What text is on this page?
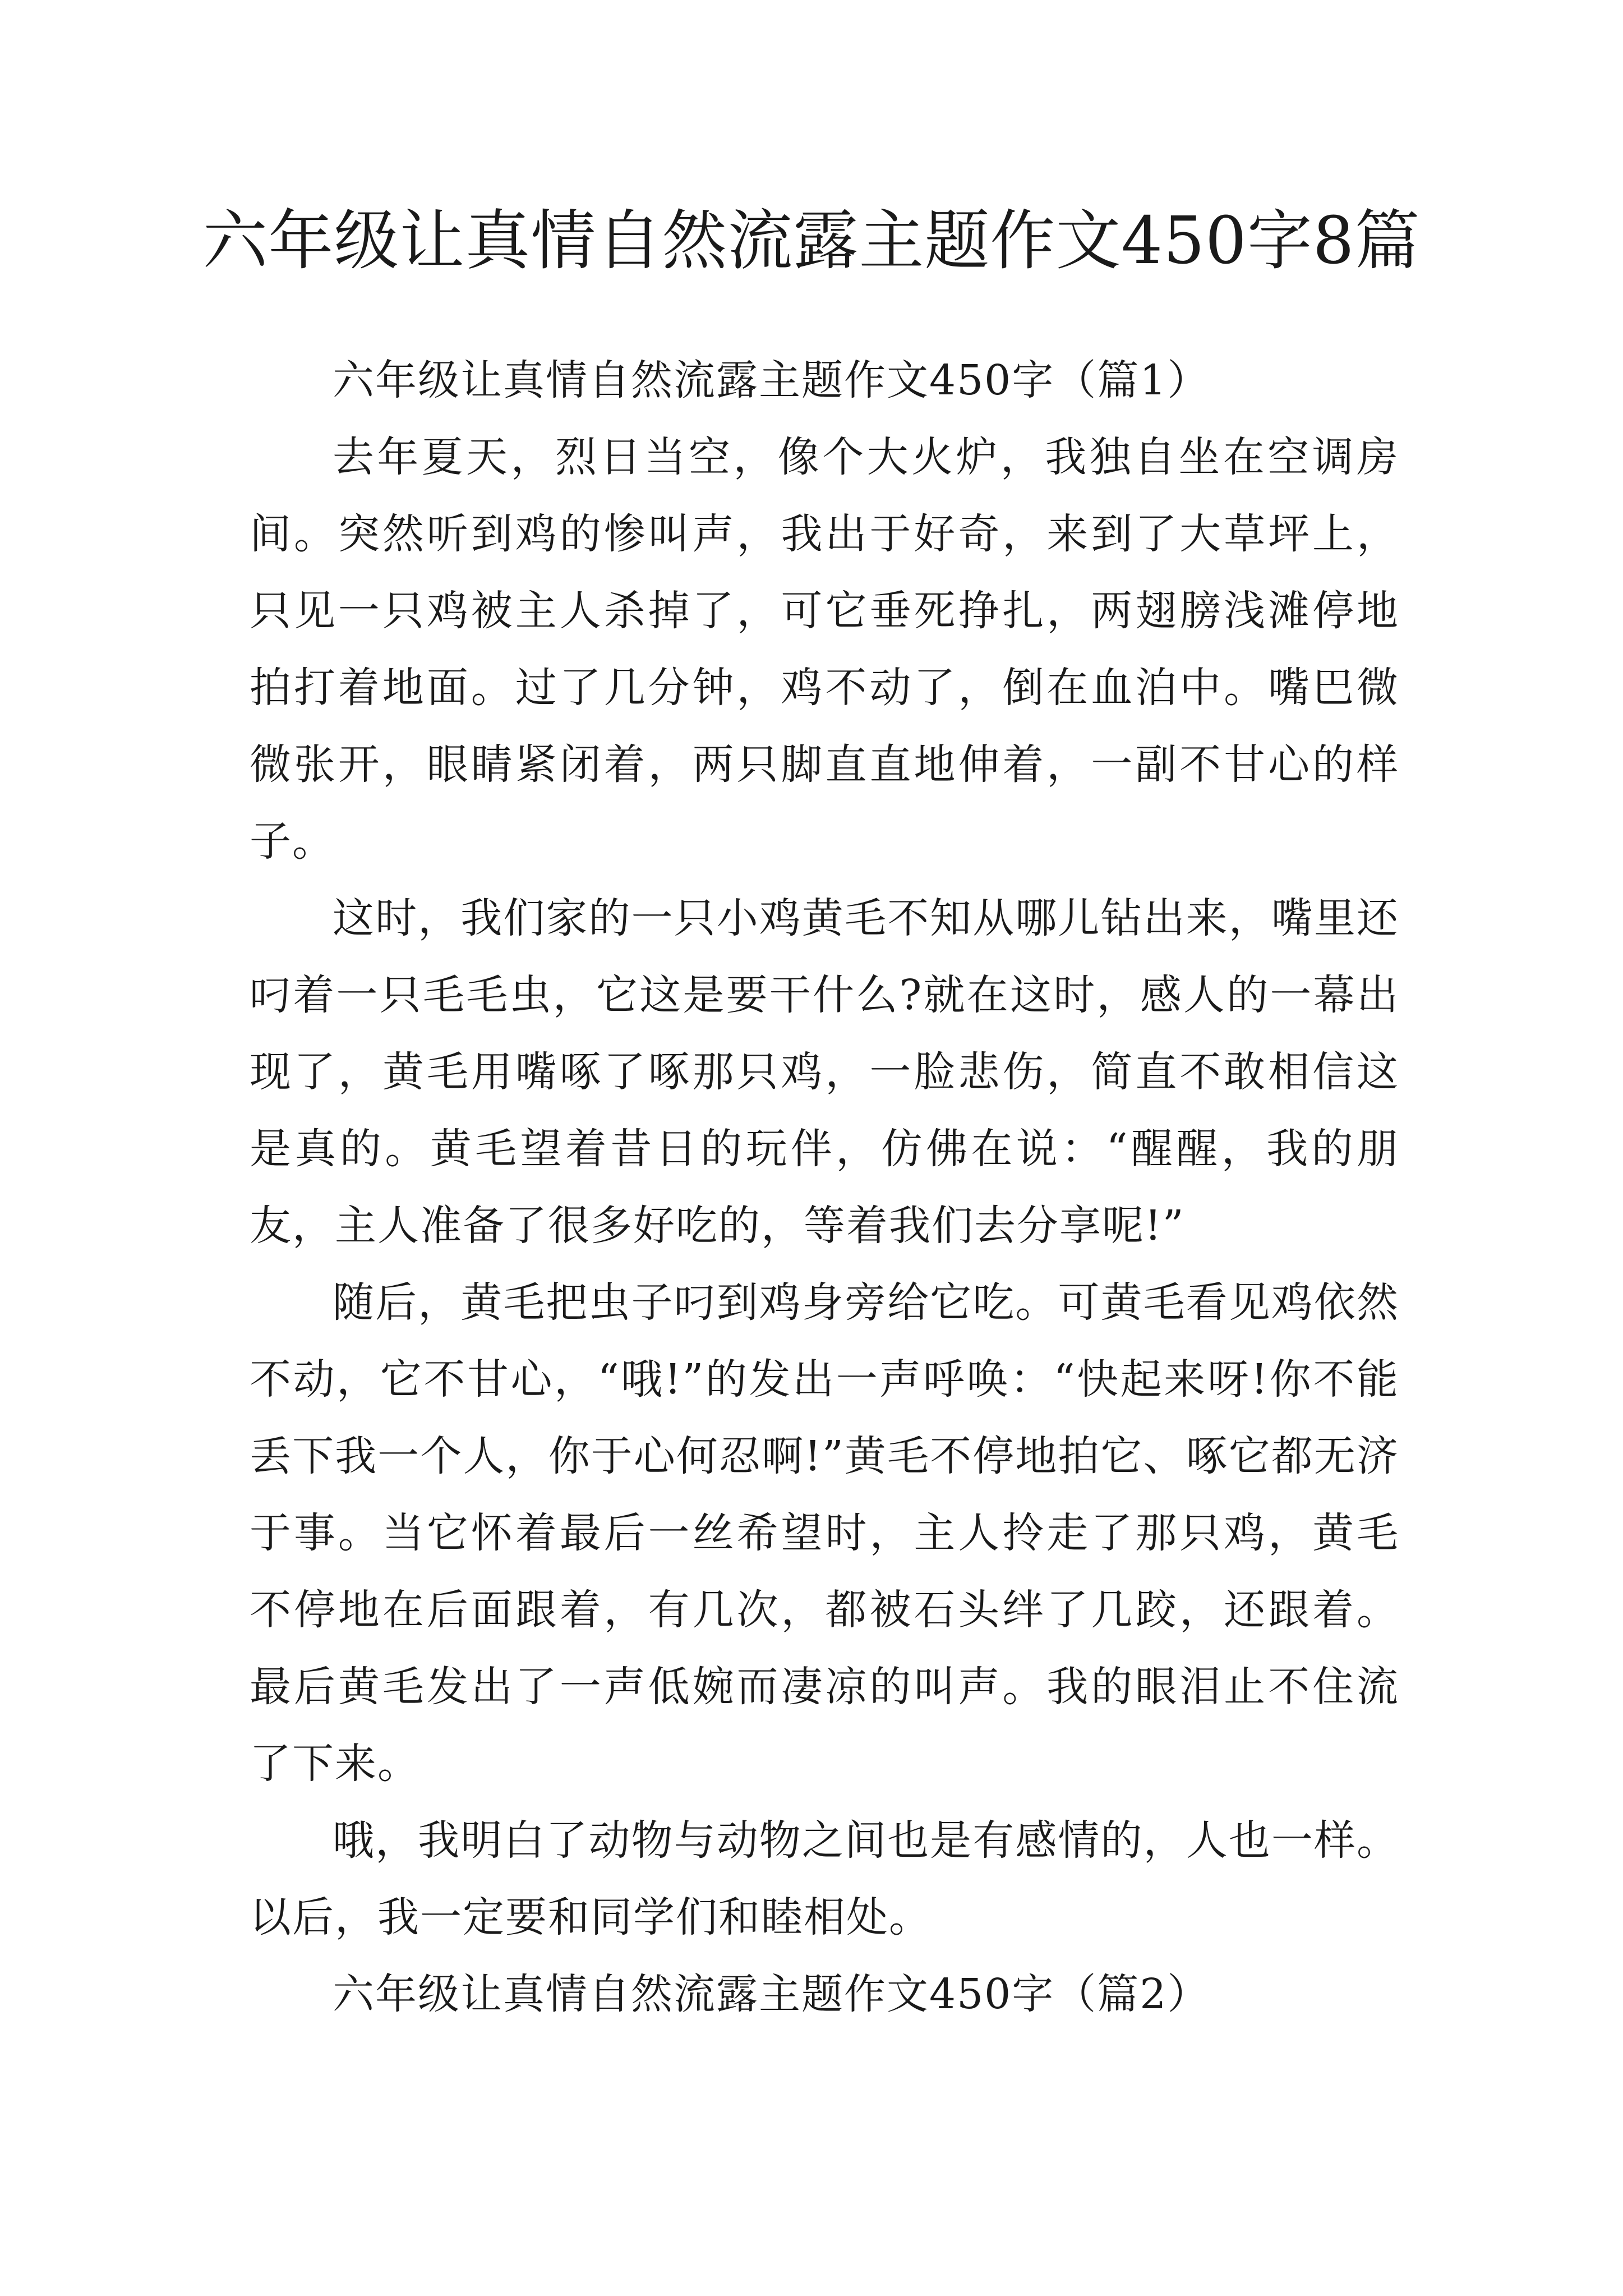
六年级让真情自然流露主题作文450字8篇

六年级让真情自然流露主题作文450字（篇1）

去年夏天，烈日当空，像个大火炉，我独自坐在空调房间。突然听到鸡的惨叫声，我出于好奇，来到了大草坪上，只见一只鸡被主人杀掉了，可它垂死挣扎，两翅膀浅滩停地拍打着地面。过了几分钟，鸡不动了，倒在血泊中。嘴巴微微张开，眼睛紧闭着，两只脚直直地伸着，一副不甘心的样子。

这时，我们家的一只小鸡黄毛不知从哪儿钻出来，嘴里还叼着一只毛毛虫，它这是要干什么?就在这时，感人的一幕出现了，黄毛用嘴啄了啄那只鸡，一脸悲伤，简直不敢相信这是真的。黄毛望着昔日的玩伴，仿佛在说：“醒醒，我的朋友，主人准备了很多好吃的，等着我们去分享呢!”

随后，黄毛把虫子叼到鸡身旁给它吃。可黄毛看见鸡依然不动，它不甘心，“哦!”的发出一声呼唤：“快起来呀!你不能丢下我一个人，你于心何忍啊!”黄毛不停地拍它、啄它都无济于事。当它怀着最后一丝希望时，主人拎走了那只鸡，黄毛不停地在后面跟着，有几次，都被石头绊了几跤，还跟着。最后黄毛发出了一声低婉而凄凉的叫声。我的眼泪止不住流了下来。

哦，我明白了动物与动物之间也是有感情的，人也一样。以后，我一定要和同学们和睦相处。

六年级让真情自然流露主题作文450字（篇2）
